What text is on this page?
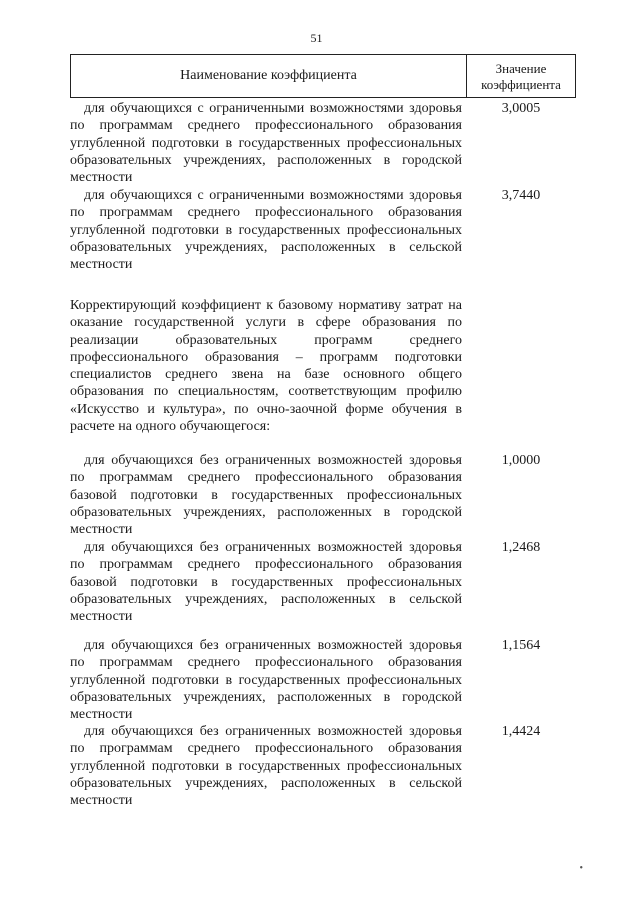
51
Наименование коэффициента	Значение
коэффициента
для обучающихся с ограниченными возможностями здоровья по программам среднего профессионального образования углубленной подготовки в государственных профессиональных образовательных учреждениях, расположенных в городской местности
3,0005
для обучающихся с ограниченными возможностями здоровья по программам среднего профессионального образования углубленной подготовки в государственных профессиональных образовательных учреждениях, расположенных в сельской местности
3,7440
Корректирующий коэффициент к базовому нормативу затрат на оказание государственной услуги в сфере образования по реализации образовательных программ среднего профессионального образования – программ подготовки специалистов среднего звена на базе основного общего образования по специальностям, соответствующим профилю «Искусство и культура», по очно-заочной форме обучения в расчете на одного обучающегося:
для обучающихся без ограниченных возможностей здоровья по программам среднего профессионального образования базовой подготовки в государственных профессиональных образовательных учреждениях, расположенных в городской местности
1,0000
для обучающихся без ограниченных возможностей здоровья по программам среднего профессионального образования базовой подготовки в государственных профессиональных образовательных учреждениях, расположенных в сельской местности
1,2468
для обучающихся без ограниченных возможностей здоровья по программам среднего профессионального образования углубленной подготовки в государственных профессиональных образовательных учреждениях, расположенных в городской местности
1,1564
для обучающихся без ограниченных возможностей здоровья по программам среднего профессионального образования углубленной подготовки в государственных профессиональных образовательных учреждениях, расположенных в сельской местности
1,4424
•
